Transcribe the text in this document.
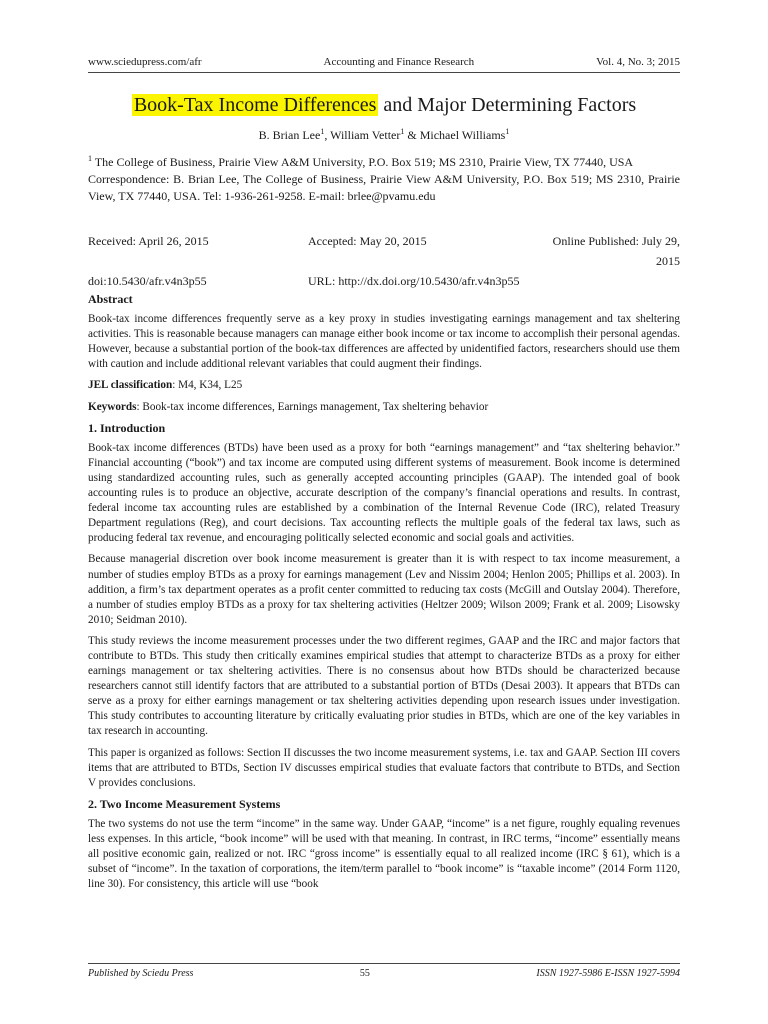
www.sciedupress.com/afr	Accounting and Finance Research	Vol. 4, No. 3; 2015
Book-Tax Income Differences and Major Determining Factors
B. Brian Lee$^1$, William Vetter$^1$ & Michael Williams$^1$
$^1$ The College of Business, Prairie View A&M University, P.O. Box 519; MS 2310, Prairie View, TX 77440, USA
Correspondence: B. Brian Lee, The College of Business, Prairie View A&M University, P.O. Box 519; MS 2310, Prairie View, TX 77440, USA. Tel: 1-936-261-9258. E-mail: brlee@pvamu.edu
Received: April 26, 2015	Accepted: May 20, 2015	Online Published: July 29, 2015
doi:10.5430/afr.v4n3p55	URL: http://dx.doi.org/10.5430/afr.v4n3p55
Abstract

Book-tax income differences frequently serve as a key proxy in studies investigating earnings management and tax sheltering activities. This is reasonable because managers can manage either book income or tax income to accomplish their personal agendas. However, because a substantial portion of the book-tax differences are affected by unidentified factors, researchers should use them with caution and include additional relevant variables that could augment their findings.

JEL classification: M4, K34, L25

Keywords: Book-tax income differences, Earnings management, Tax sheltering behavior

1. Introduction

Book-tax income differences (BTDs) have been used as a proxy for both “earnings management” and “tax sheltering behavior.” Financial accounting (“book”) and tax income are computed using different systems of measurement. Book income is determined using standardized accounting rules, such as generally accepted accounting principles (GAAP). The intended goal of book accounting rules is to produce an objective, accurate description of the company’s financial operations and results. In contrast, federal income tax accounting rules are established by a combination of the Internal Revenue Code (IRC), related Treasury Department regulations (Reg), and court decisions. Tax accounting reflects the multiple goals of the federal tax laws, such as producing federal tax revenue, and encouraging politically selected economic and social goals and activities.

Because managerial discretion over book income measurement is greater than it is with respect to tax income measurement, a number of studies employ BTDs as a proxy for earnings management (Lev and Nissim 2004; Henlon 2005; Phillips et al. 2003). In addition, a firm’s tax department operates as a profit center committed to reducing tax costs (McGill and Outslay 2004). Therefore, a number of studies employ BTDs as a proxy for tax sheltering activities (Heltzer 2009; Wilson 2009; Frank et al. 2009; Lisowsky 2010; Seidman 2010).

This study reviews the income measurement processes under the two different regimes, GAAP and the IRC and major factors that contribute to BTDs. This study then critically examines empirical studies that attempt to characterize BTDs as a proxy for either earnings management or tax sheltering activities. There is no consensus about how BTDs should be characterized because researchers cannot still identify factors that are attributed to a substantial portion of BTDs (Desai 2003). It appears that BTDs can serve as a proxy for either earnings management or tax sheltering activities depending upon research issues under investigation. This study contributes to accounting literature by critically evaluating prior studies in BTDs, which are one of the key variables in tax research in accounting.

This paper is organized as follows: Section II discusses the two income measurement systems, i.e. tax and GAAP. Section III covers items that are attributed to BTDs, Section IV discusses empirical studies that evaluate factors that contribute to BTDs, and Section V provides conclusions.

2. Two Income Measurement Systems

The two systems do not use the term “income” in the same way. Under GAAP, “income” is a net figure, roughly equaling revenues less expenses. In this article, “book income” will be used with that meaning. In contrast, in IRC terms, “income” essentially means all positive economic gain, realized or not. IRC “gross income” is essentially equal to all realized income (IRC § 61), which is a subset of “income”. In the taxation of corporations, the item/term parallel to “book income” is “taxable income” (2014 Form 1120, line 30). For consistency, this article will use “book

Published by Sciedu Press	55	ISSN 1927-5986 E-ISSN 1927-5994
